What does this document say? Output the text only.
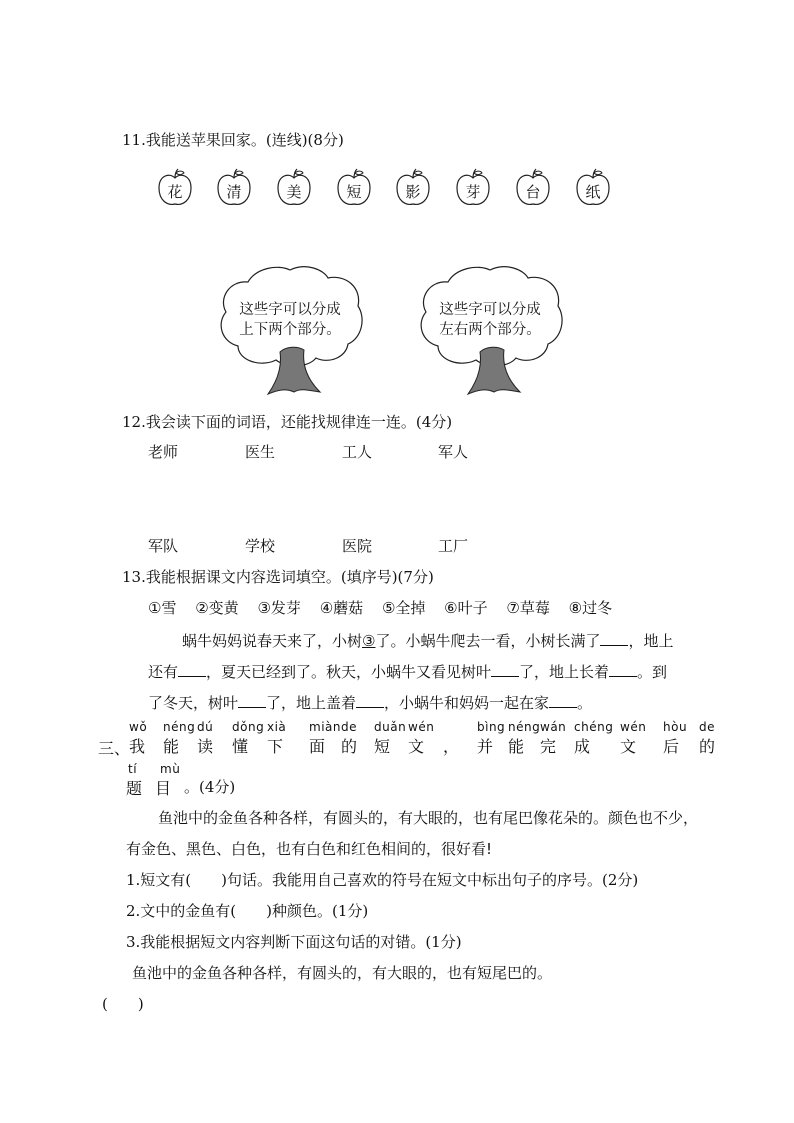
11.我能送苹果回家。(连线)(8分)
花	清	美	短	影	芽	台	纸
这些字可以分成
上下两个部分。
这些字可以分成
左右两个部分。
12.我会读下面的词语，还能找规律连一连。(4分)
老师	医生	工人	军人
军队	学校	医院	工厂
13.我能根据课文内容选词填空。(填序号)(7分)
①雪 ②变黄 ③发芽 ④蘑菇 ⑤全掉 ⑥叶子 ⑦草莓 ⑧过冬
蜗牛妈妈说春天来了，小树③了。小蜗牛爬去一看，小树长满了 ，地上
还有 ，夏天已经到了。秋天，小蜗牛又看见树叶 了，地上长着 。到
了冬天，树叶 了，地上盖着 ，小蜗牛和妈妈一起在家 。
三、
wǒ néng dú dǒng xià miàn de duǎn wén	bìng néng wán chéng wén hòu de
我 能 读 懂 下 面 的 短 文 ， 并 能 完 成 文 后 的
tí mù
题 目 。(4分)
鱼池中的金鱼各种各样，有圆头的，有大眼的，也有尾巴像花朵的。颜色也不少，
有金色、黑色、白色，也有白色和红色相间的，很好看!
1.短文有(　　)句话。我能用自己喜欢的符号在短文中标出句子的序号。(2分)
2.文中的金鱼有(　　)种颜色。(1分)
3.我能根据短文内容判断下面这句话的对错。(1分)
鱼池中的金鱼各种各样，有圆头的，有大眼的，也有短尾巴的。
(　　)
